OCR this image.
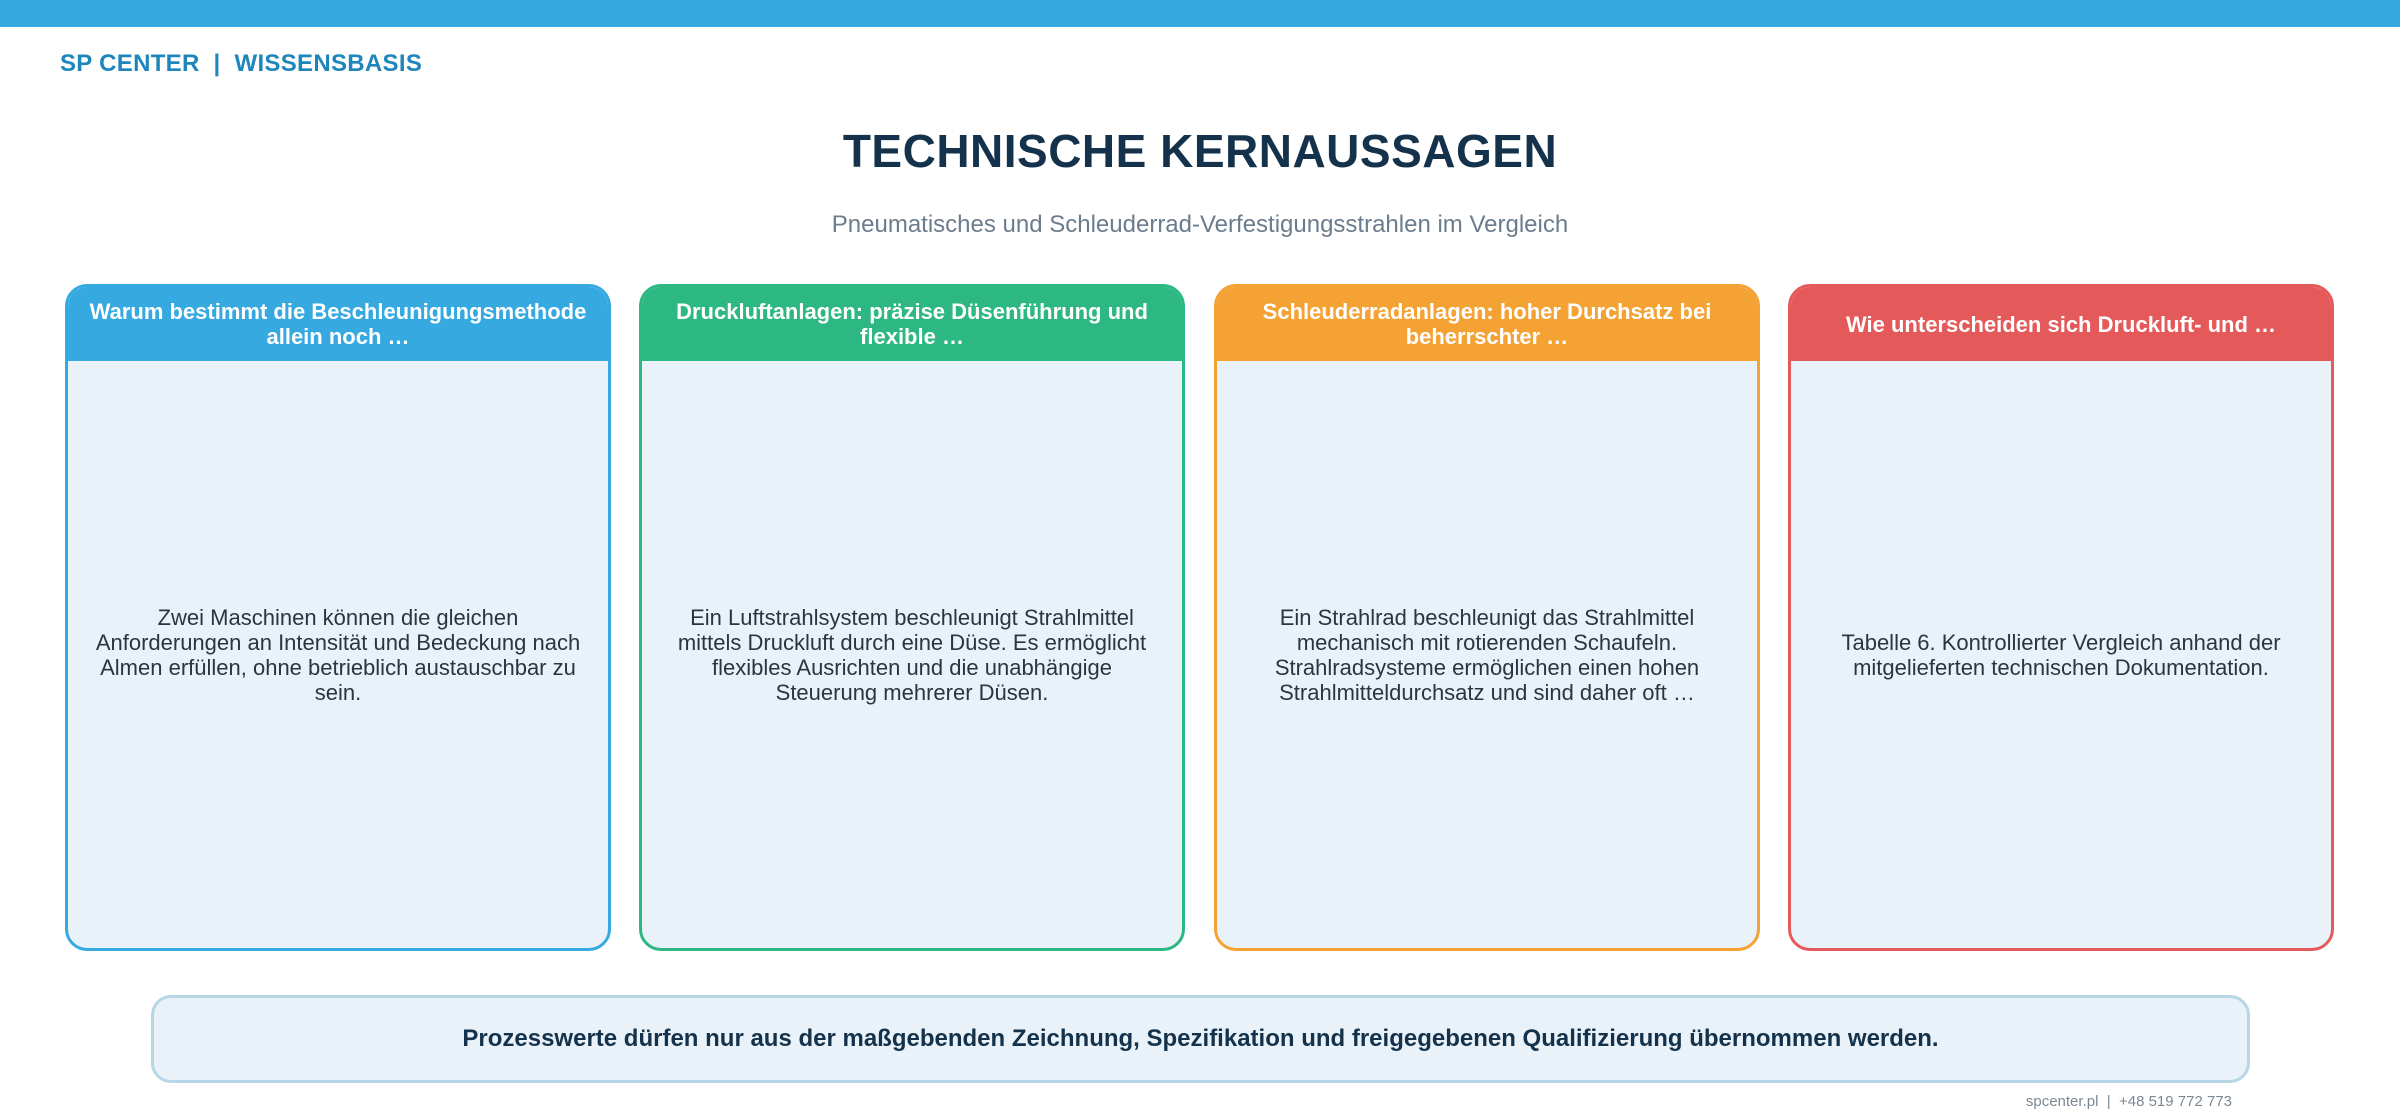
SP CENTER  |  WISSENSBASIS
TECHNISCHE KERNAUSSAGEN
Pneumatisches und Schleuderrad-Verfestigungsstrahlen im Vergleich
Warum bestimmt die Beschleunigungsmethode allein noch …
Zwei Maschinen können die gleichen Anforderungen an Intensität und Bedeckung nach Almen erfüllen, ohne betrieblich austauschbar zu sein.
Druckluftanlagen: präzise Düsenführung und flexible …
Ein Luftstrahlsystem beschleunigt Strahlmittel mittels Druckluft durch eine Düse. Es ermöglicht flexibles Ausrichten und die unabhängige Steuerung mehrerer Düsen.
Schleuderradanlagen: hoher Durchsatz bei beherrschter …
Ein Strahlrad beschleunigt das Strahlmittel mechanisch mit rotierenden Schaufeln. Strahlradsysteme ermöglichen einen hohen Strahlmitteldurchsatz und sind daher oft …
Wie unterscheiden sich Druckluft- und …
Tabelle 6. Kontrollierter Vergleich anhand der mitgelieferten technischen Dokumentation.
Prozesswerte dürfen nur aus der maßgebenden Zeichnung, Spezifikation und freigegebenen Qualifizierung übernommen werden.
spcenter.pl  |  +48 519 772 773
